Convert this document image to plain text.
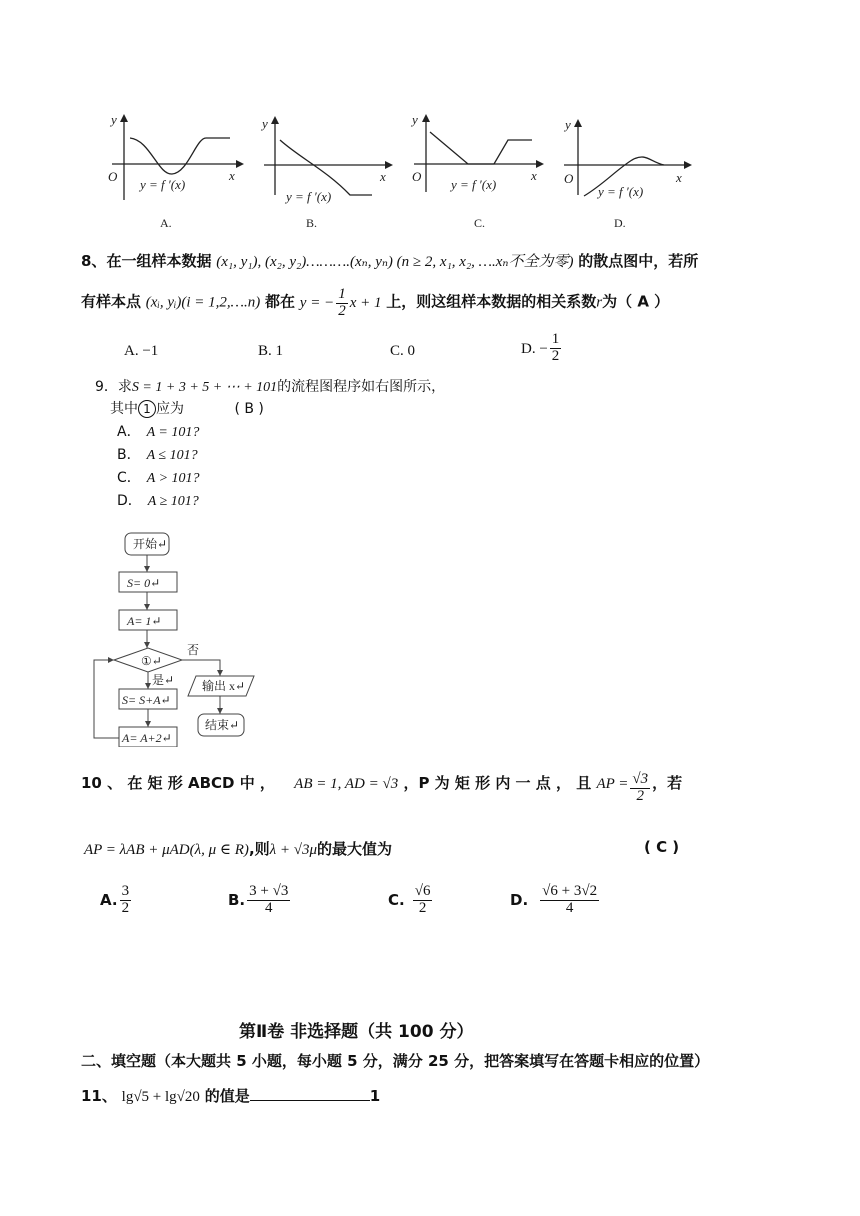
y
x
O
y = f ′(x)
y
x
y = f ′(x)
y
x
O
y = f ′(x)
y
x
O
y = f ′(x)
A.	B.	C.	D.
8、在一组样本数据 (x₁, y₁), (x₂, y₂)……….(xₙ, yₙ) (n ≥ 2, x₁, x₂, ….xₙ不全为零) 的散点图中，若所
有样本点 (xᵢ, yᵢ)(i = 1,2,….n) 都在 y = − $\frac{1}{2}$ x + 1 上，则这组样本数据的相关系数r为（ A ）
A. −1	B. 1	C. 0	D. − $\frac{1}{2}$
9．求S = 1 + 3 + 5 + ⋯ + 101的流程图程序如右图所示，
其中 1 应为	( B )
A． A = 101?
B． A ≤ 101?
C． A > 101?
D． A ≥ 101?
开始↵
S= 0↵
A= 1↵
①↵
否
是↵ 输出 x↵
S= S+A↵
结束↵
A= A+2↵
10 、 在 矩 形 ABCD 中 ， AB = 1, AD = √3 ，P 为 矩 形 内 一 点 ， 且 AP = $\frac{√3}{2}$ ，若
AP = λAB + μAD(λ, μ ∈ R),则λ + √3μ的最大值为	( C )
A. $\frac{3}{2}$	B. $\frac{3 + √3}{4}$	C. $\frac{√6}{2}$	D. $\frac{√6 + 3√2}{4}$
第Ⅱ卷 非选择题（共 100 分）
二、填空题（本大题共 5 小题，每小题 5 分，满分 25 分，把答案填写在答题卡相应的位置）
11、 lg√5 + lg√20 的值是	1
